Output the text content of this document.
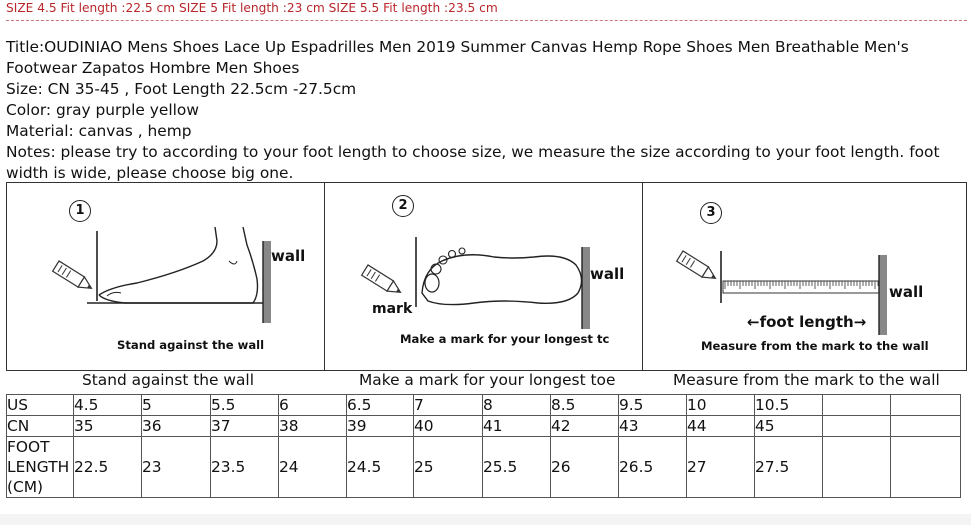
SIZE 4.5 Fit length :22.5 cm SIZE 5 Fit length :23 cm SIZE 5.5 Fit length :23.5 cm
Title:OUDINIAO Mens Shoes Lace Up Espadrilles Men 2019 Summer Canvas Hemp Rope Shoes Men Breathable Men's Footwear Zapatos Hombre Men Shoes
Size: CN 35-45 , Foot Length 22.5cm -27.5cm
Color: gray purple yellow
Material: canvas , hemp
Notes: please try to according to your foot length to choose size, we measure the size according to your foot length. foot width is wide, please choose big one.
1
wall
Stand against the wall
2
wall
mark
Make a mark for your longest tc
3
wall
←foot length→
Measure from the mark to the wall
Stand against the wall	Make a mark for your longest toe	Measure from the mark to the wall
US	4.5	5	5.5	6	6.5	7	8	8.5	9.5	10	10.5		
CN	35	36	37	38	39	40	41	42	43	44	45		
FOOT LENGTH (CM)	22.5	23	23.5	24	24.5	25	25.5	26	26.5	27	27.5		
